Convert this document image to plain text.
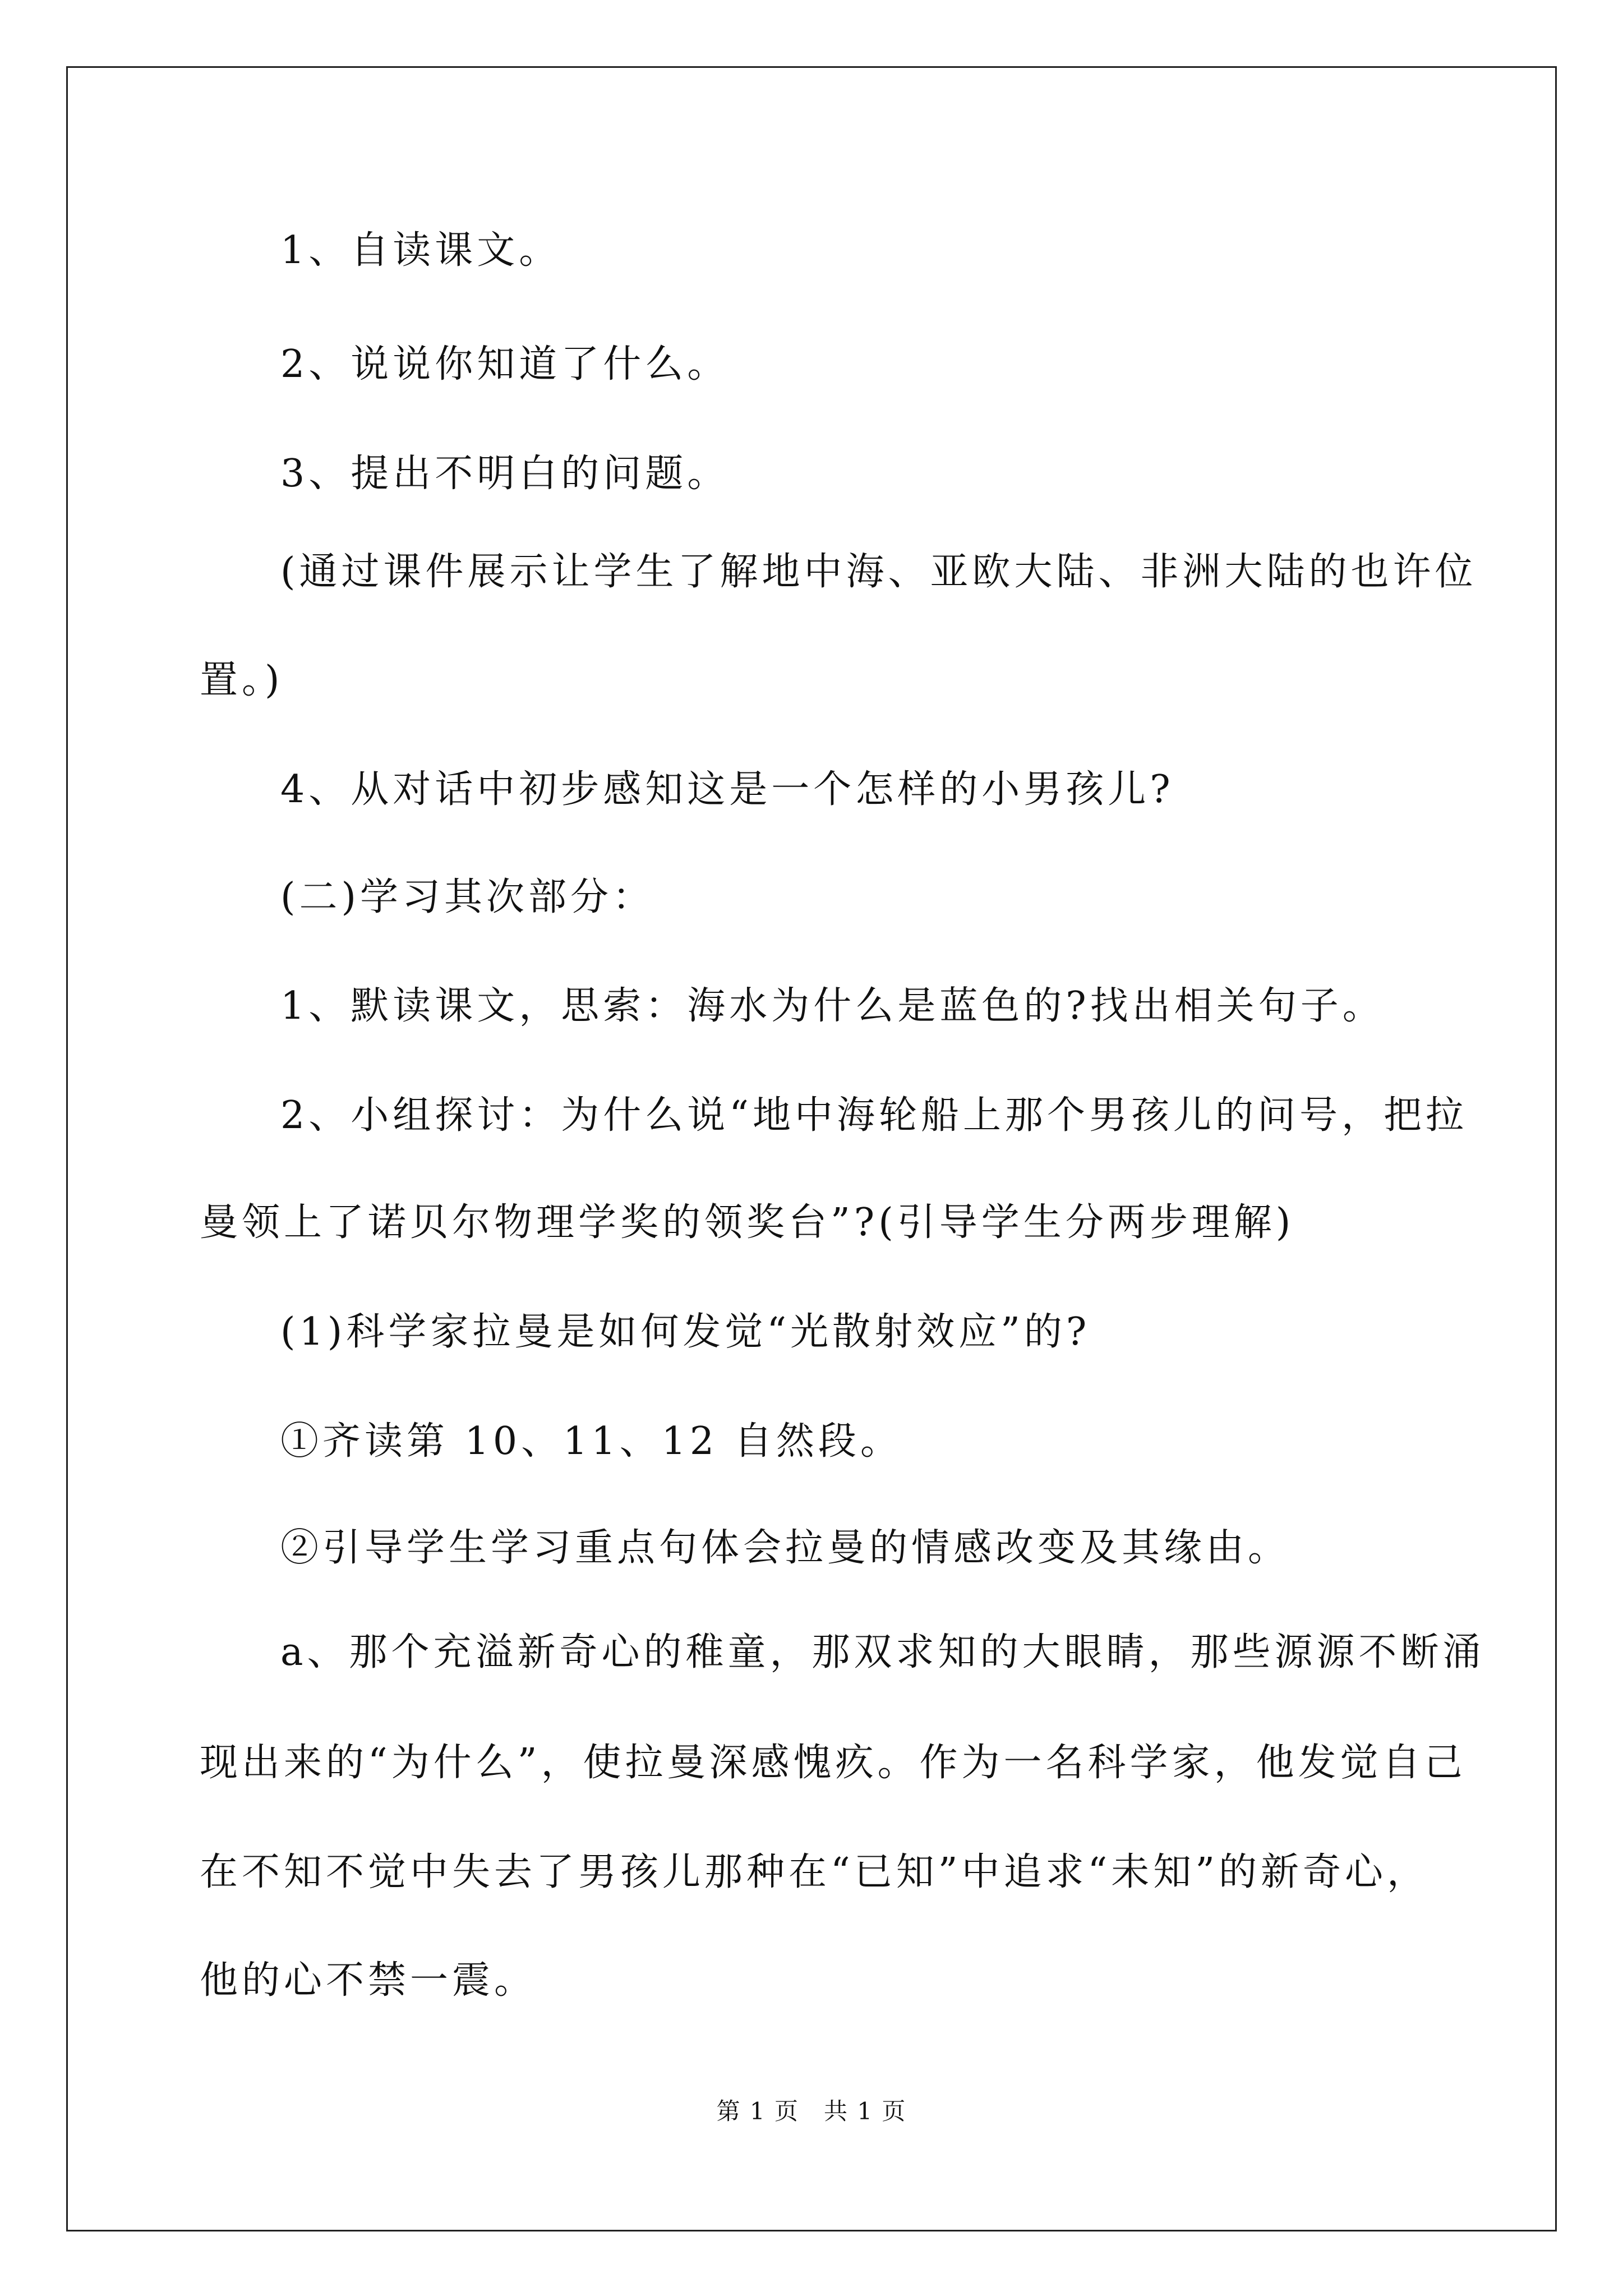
1、自读课文。
2、说说你知道了什么。
3、提出不明白的问题。
(通过课件展示让学生了解地中海、亚欧大陆、非洲大陆的也许位
置。)
4、从对话中初步感知这是一个怎样的小男孩儿?
(二)学习其次部分：
1、默读课文，思索：海水为什么是蓝色的?找出相关句子。
2、小组探讨：为什么说“地中海轮船上那个男孩儿的问号，把拉
曼领上了诺贝尔物理学奖的领奖台”?(引导学生分两步理解)
(1)科学家拉曼是如何发觉“光散射效应”的?
①齐读第 10、11、12 自然段。
②引导学生学习重点句体会拉曼的情感改变及其缘由。
a、那个充溢新奇心的稚童，那双求知的大眼睛，那些源源不断涌
现出来的“为什么”，使拉曼深感愧疚。作为一名科学家，他发觉自己
在不知不觉中失去了男孩儿那种在“已知”中追求“未知”的新奇心，
他的心不禁一震。
第 1 页　共 1 页
